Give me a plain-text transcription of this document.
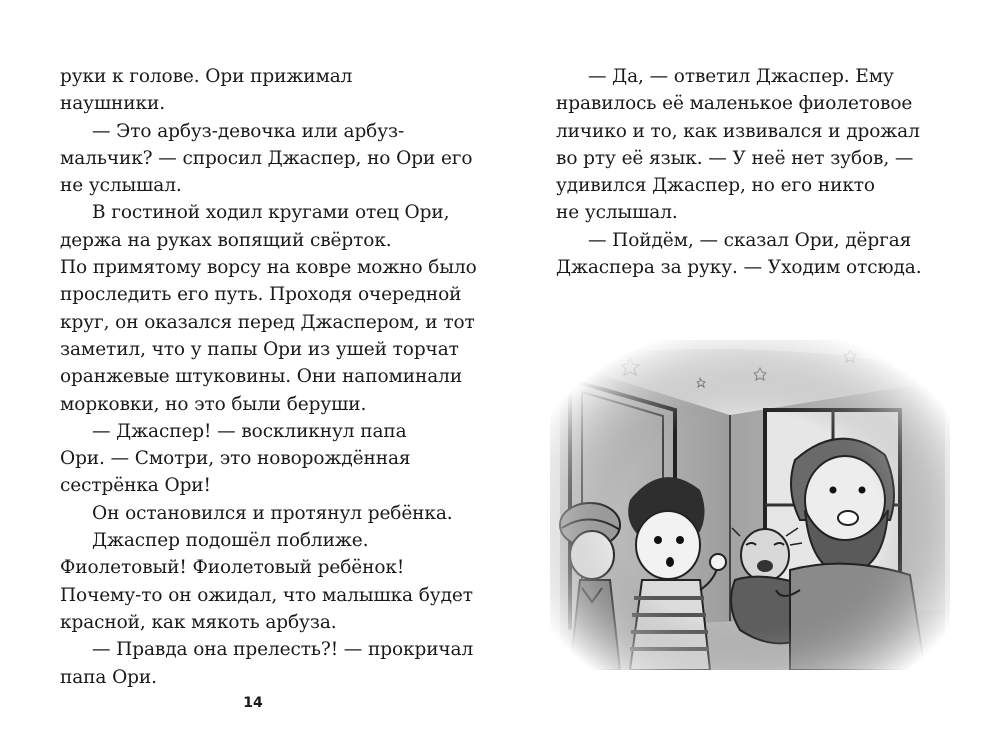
руки к голове. Ори прижимал
наушники.
— Это арбуз-девочка или арбуз-
мальчик? — спросил Джаспер, но Ори его
не услышал.
В гостиной ходил кругами отец Ори,
держа на руках вопящий свёрток.
По примятому ворсу на ковре можно было
проследить его путь. Проходя очередной
круг, он оказался перед Джаспером, и тот
заметил, что у папы Ори из ушей торчат
оранжевые штуковины. Они напоминали
морковки, но это были беруши.
— Джаспер! — воскликнул папа
Ори. — Смотри, это новорождённая
сестрёнка Ори!
Он остановился и протянул ребёнка.
Джаспер подошёл поближе.
Фиолетовый! Фиолетовый ребёнок!
Почему-то он ожидал, что малышка будет
красной, как мякоть арбуза.
— Правда она прелесть?! — прокричал
папа Ори.
— Да, — ответил Джаспер. Ему
нравилось её маленькое фиолетовое
личико и то, как извивался и дрожал
во рту её язык. — У неё нет зубов, —
удивился Джаспер, но его никто
не услышал.
— Пойдём, — сказал Ори, дёргая
Джаспера за руку. — Уходим отсюда.
14
